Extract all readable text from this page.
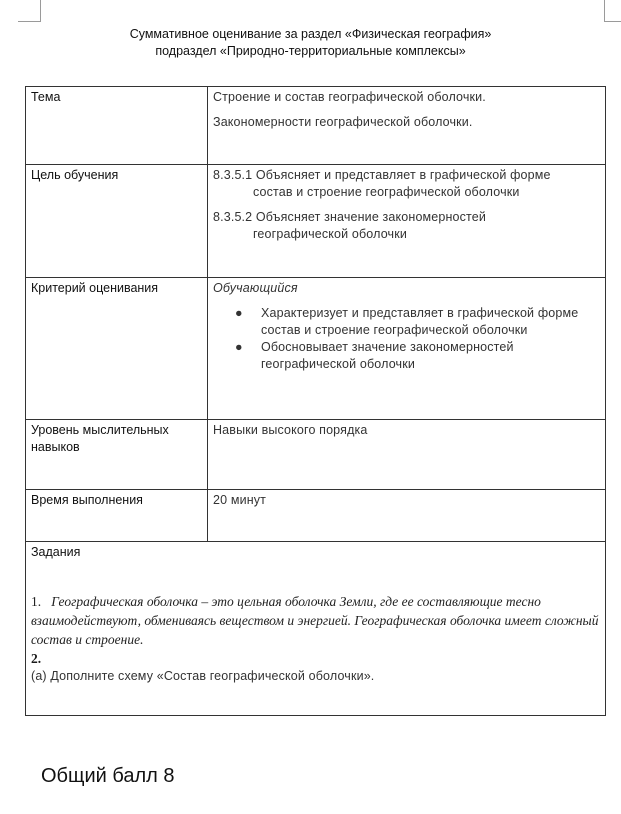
Суммативное оценивание за раздел «Физическая география»
подраздел «Природно-территориальные комплексы»
Тема	Строение и состав географической оболочки.

Закономерности географической оболочки.

Цель обучения	8.3.5.1 Объясняет и представляет в графической форме

состав и строение географической оболочки

8.3.5.2 Объясняет значение закономерностей

географической оболочки

Критерий оценивания	Обучающийся

● Характеризует и представляет в графической форме состав и строение географической оболочки
● Обосновывает значение закономерностей географической оболочки

Уровень мыслительных навыков	Навыки высокого порядка
Время выполнения	20 минут

Задания

1. Географическая оболочка – это цельная оболочка Земли, где ее составляющие тесно взаимодействуют, обмениваясь веществом и энергией. Географическая оболочка имеет сложный состав и строение.

2.

(a) Дополните схему «Состав географической оболочки».	

Общий балл 8
